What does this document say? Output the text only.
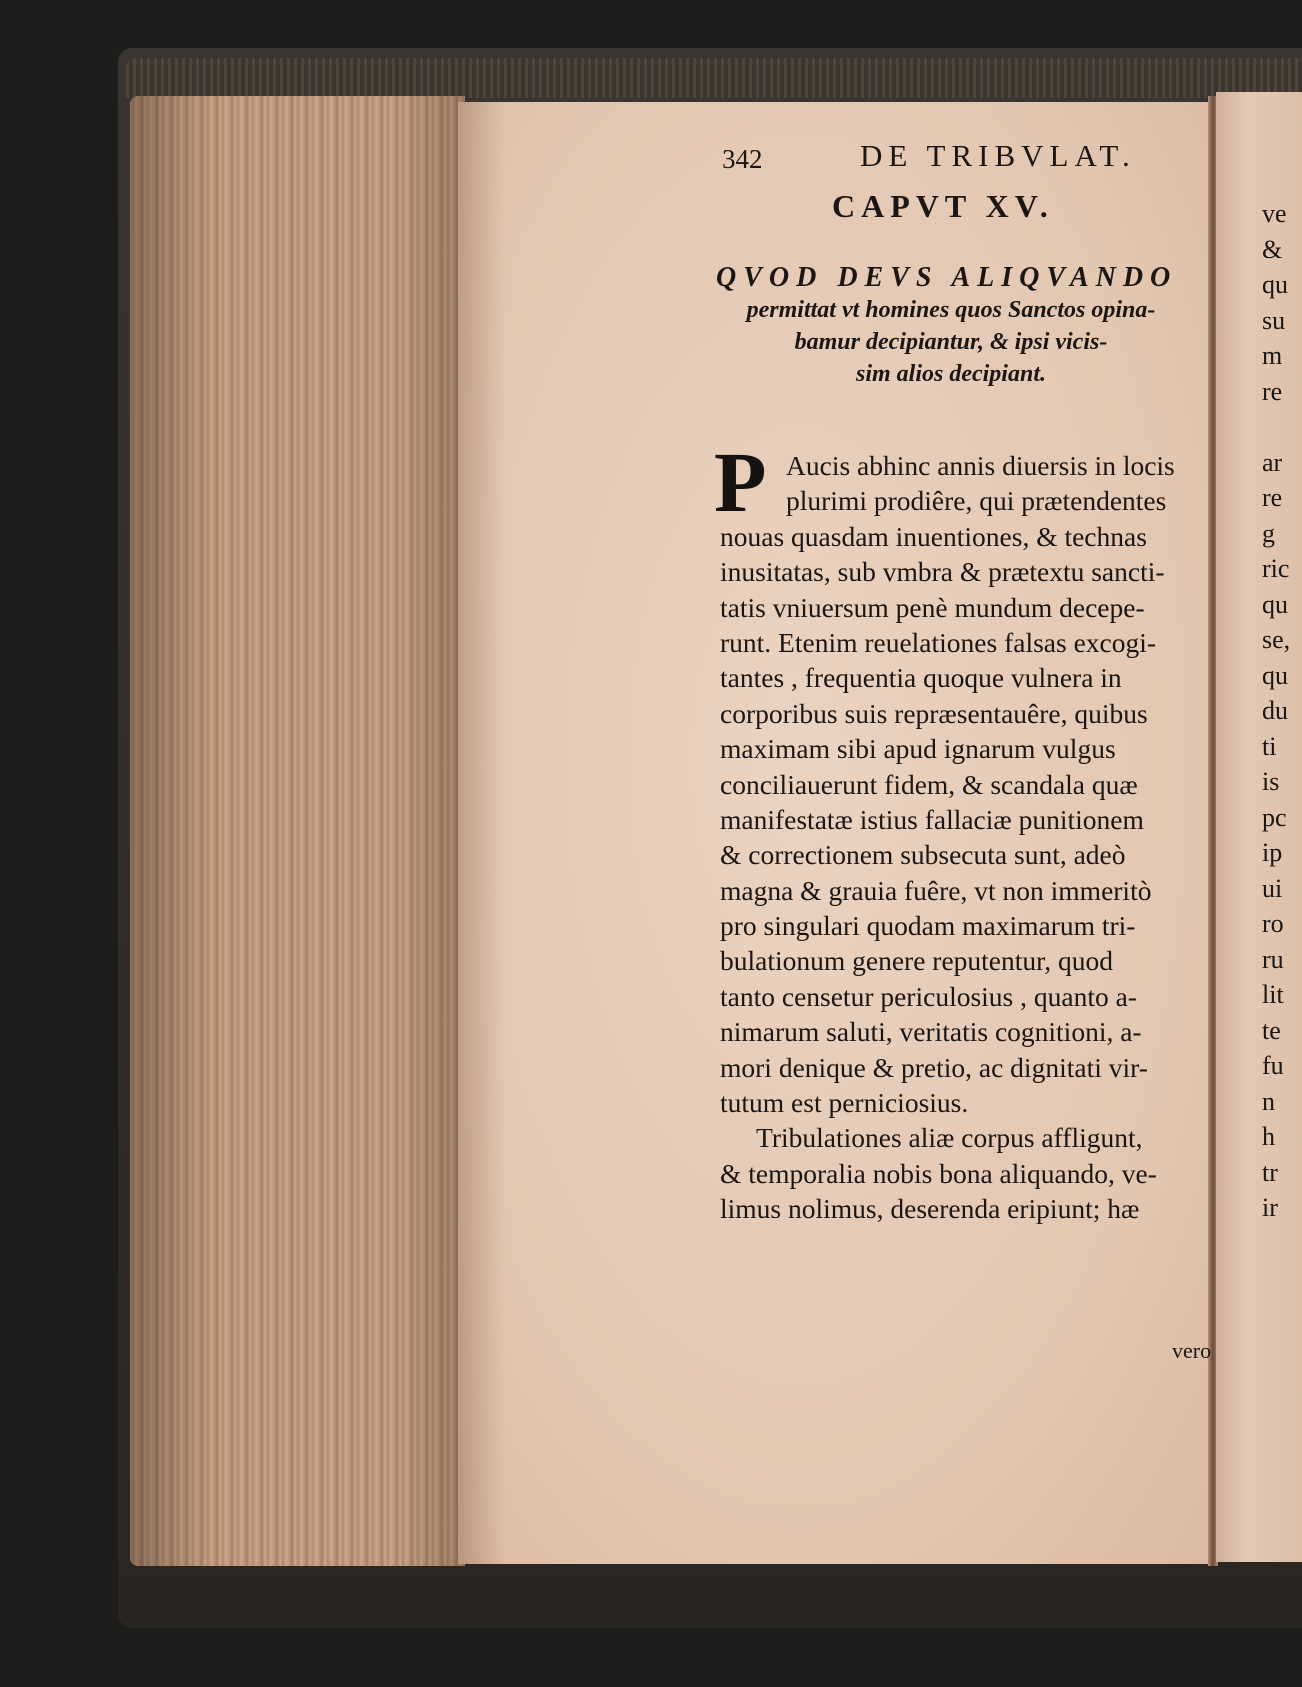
342	DE TRIBVLAT.
CAPVT XV.
QVOD DEVS ALIQVANDO
permittat vt homines quos Sanctos opina-
bamur decipiantur, & ipsi vicis-
sim alios decipiant.
P Aucis abhinc annis diuersis in locis
plurimi prodiêre, qui prætendentes
nouas quasdam inuentiones, & technas
inusitatas, sub vmbra & prætextu sancti-
tatis vniuersum penè mundum decepe-
runt. Etenim reuelationes falsas excogi-
tantes , frequentia quoque vulnera in
corporibus suis repræsentauêre, quibus
maximam sibi apud ignarum vulgus
conciliauerunt fidem, & scandala quæ
manifestatæ istius fallaciæ punitionem
& correctionem subsecuta sunt, adeò
magna & grauia fuêre, vt non immeritò
pro singulari quodam maximarum tri-
bulationum genere reputentur, quod
tanto censetur periculosius , quanto a-
nimarum saluti, veritatis cognitioni, a-
mori denique & pretio, ac dignitati vir-
tutum est perniciosius.
Tribulationes aliæ corpus affligunt,
& temporalia nobis bona aliquando, ve-
limus nolimus, deserenda eripiunt; hæ
vero
ve
&
qu
su
m
re
ar
re
g
ric
qu
se,
qu
du
ti
is
pc
ip
ui
ro
ru
lit
te
fu
n
h
tr
ir
